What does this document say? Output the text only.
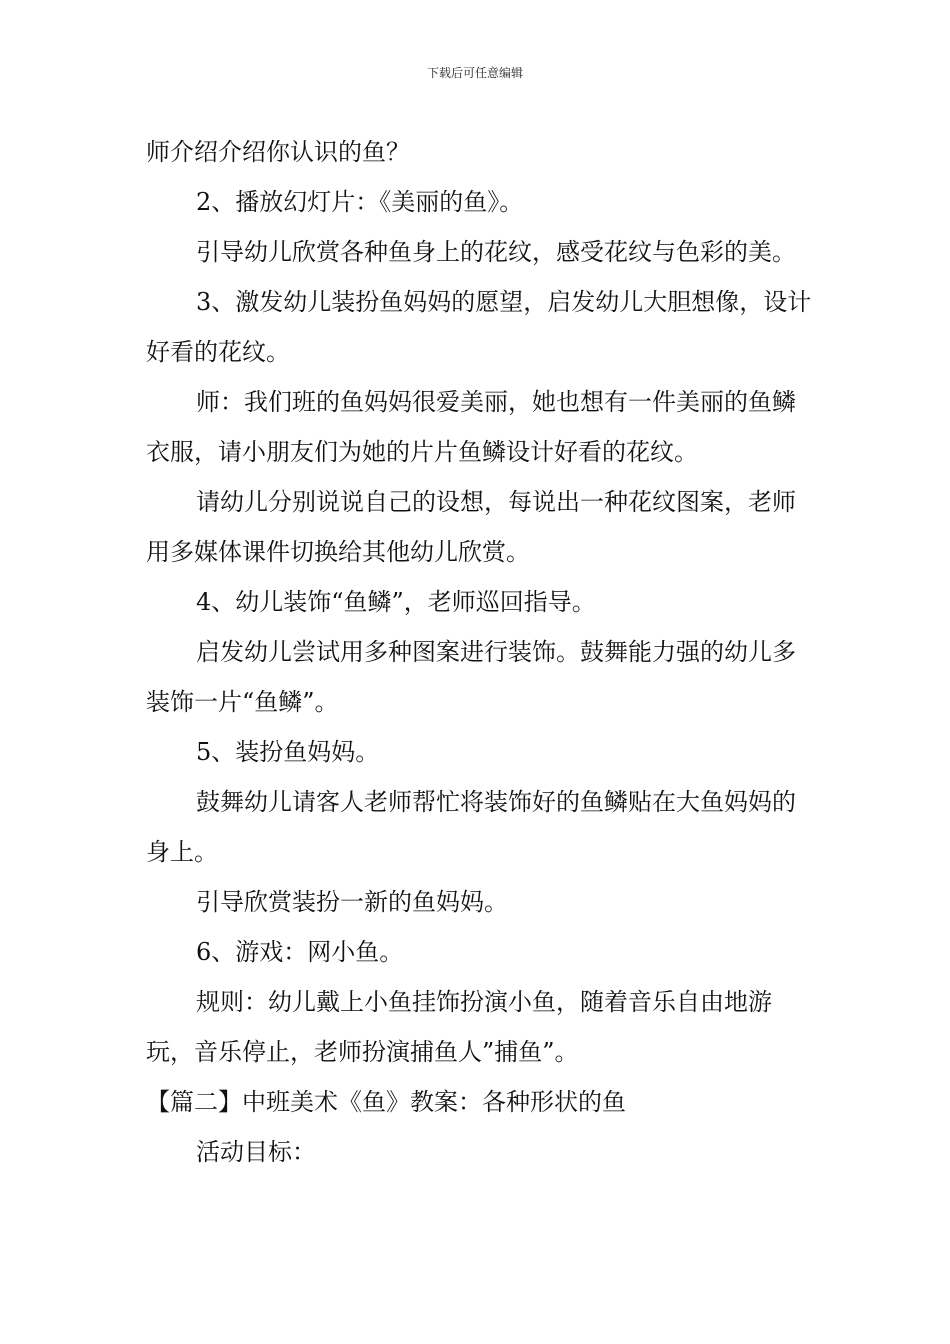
下载后可任意编辑

师介绍介绍你认识的鱼？

2、播放幻灯片：《美丽的鱼》。

引导幼儿欣赏各种鱼身上的花纹，感受花纹与色彩的美。

3、激发幼儿装扮鱼妈妈的愿望，启发幼儿大胆想像，设计好看的花纹。

师：我们班的鱼妈妈很爱美丽，她也想有一件美丽的鱼鳞衣服，请小朋友们为她的片片鱼鳞设计好看的花纹。

请幼儿分别说说自己的设想，每说出一种花纹图案，老师用多媒体课件切换给其他幼儿欣赏。

4、幼儿装饰“鱼鳞”，老师巡回指导。

启发幼儿尝试用多种图案进行装饰。鼓舞能力强的幼儿多装饰一片“鱼鳞”。

5、装扮鱼妈妈。

鼓舞幼儿请客人老师帮忙将装饰好的鱼鳞贴在大鱼妈妈的身上。

引导欣赏装扮一新的鱼妈妈。

6、游戏：网小鱼。

规则：幼儿戴上小鱼挂饰扮演小鱼，随着音乐自由地游玩，音乐停止，老师扮演捕鱼人”捕鱼”。

【篇二】中班美术《鱼》教案：各种形状的鱼

活动目标：
